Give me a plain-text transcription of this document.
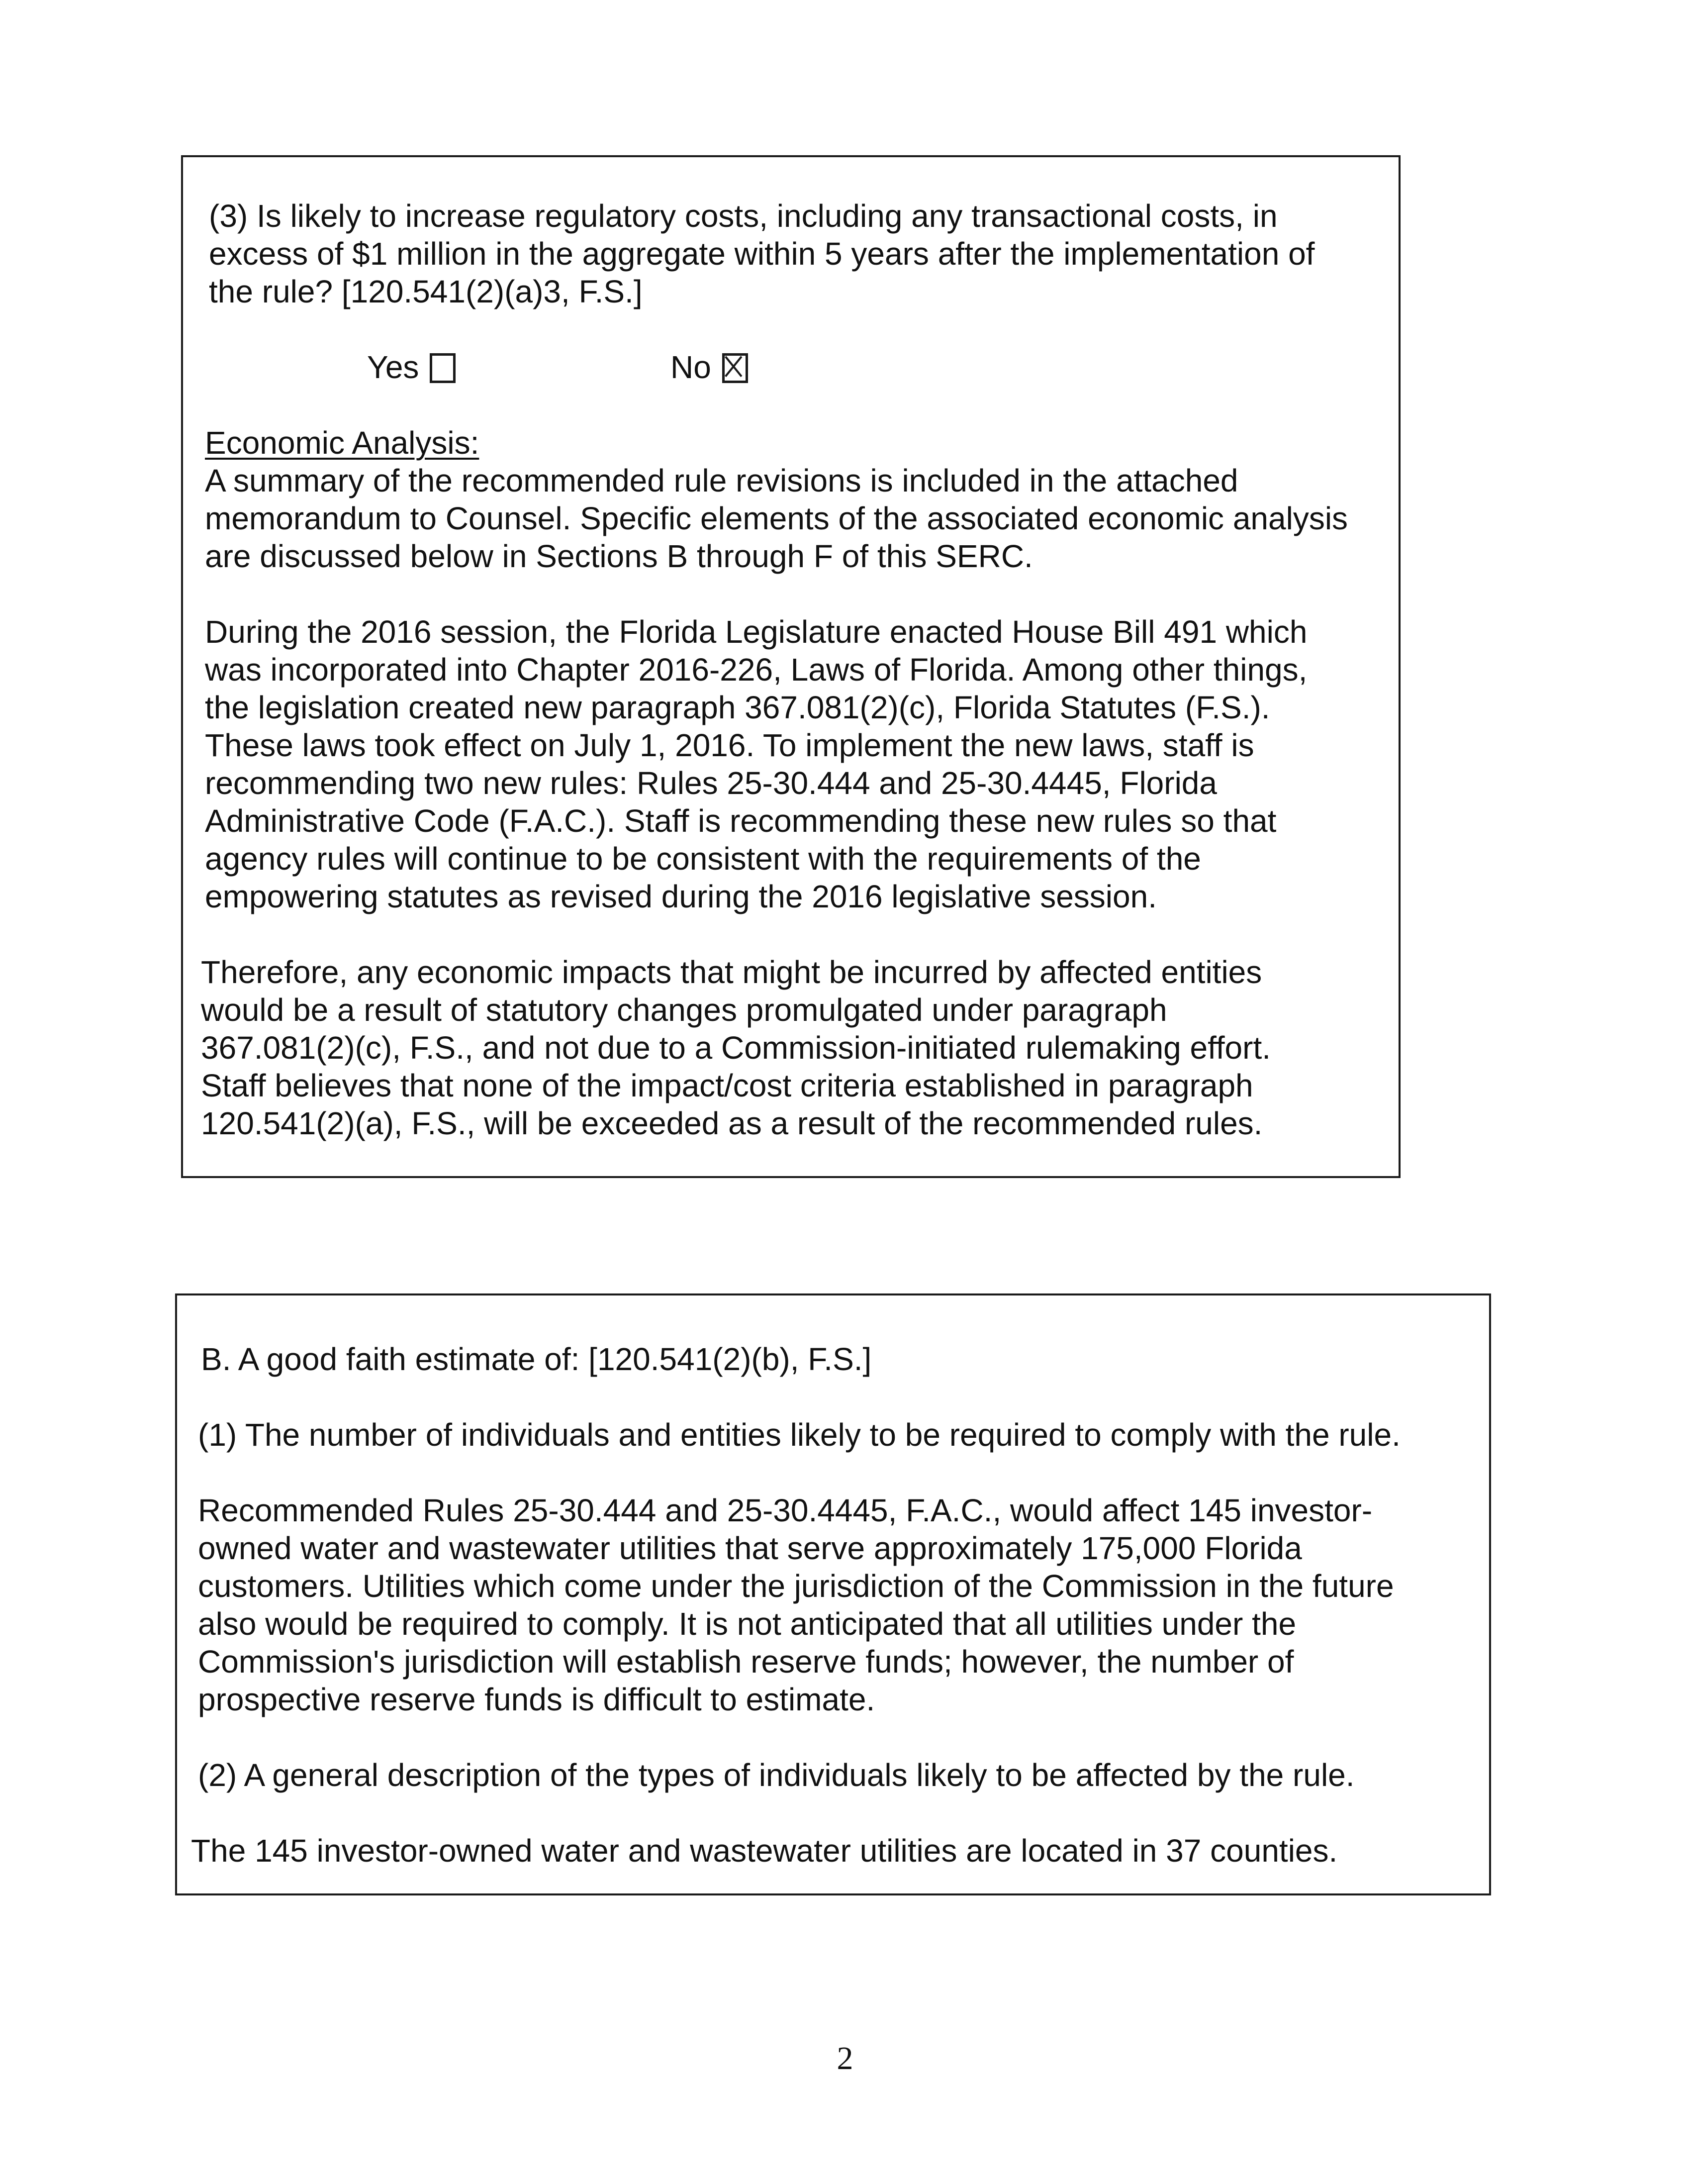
(3) Is likely to increase regulatory costs, including any transactional costs, in

excess of $1 million in the aggregate within 5 years after the implementation of

the rule? [120.541(2)(a)3, F.S.]

Yes	No

Economic Analysis:

A summary of the recommended rule revisions is included in the attached

memorandum to Counsel. Specific elements of the associated economic analysis

are discussed below in Sections B through F of this SERC.

During the 2016 session, the Florida Legislature enacted House Bill 491 which

was incorporated into Chapter 2016-226, Laws of Florida. Among other things,

the legislation created new paragraph 367.081(2)(c), Florida Statutes (F.S.).

These laws took effect on July 1, 2016. To implement the new laws, staff is

recommending two new rules: Rules 25-30.444 and 25-30.4445, Florida

Administrative Code (F.A.C.). Staff is recommending these new rules so that

agency rules will continue to be consistent with the requirements of the

empowering statutes as revised during the 2016 legislative session.

Therefore, any economic impacts that might be incurred by affected entities

would be a result of statutory changes promulgated under paragraph

367.081(2)(c), F.S., and not due to a Commission-initiated rulemaking effort.

Staff believes that none of the impact/cost criteria established in paragraph

120.541(2)(a), F.S., will be exceeded as a result of the recommended rules.

B. A good faith estimate of: [120.541(2)(b), F.S.]

(1) The number of individuals and entities likely to be required to comply with the rule.

Recommended Rules 25-30.444 and 25-30.4445, F.A.C., would affect 145 investor-

owned water and wastewater utilities that serve approximately 175,000 Florida

customers. Utilities which come under the jurisdiction of the Commission in the future

also would be required to comply. It is not anticipated that all utilities under the

Commission's jurisdiction will establish reserve funds; however, the number of

prospective reserve funds is difficult to estimate.

(2) A general description of the types of individuals likely to be affected by the rule.

The 145 investor-owned water and wastewater utilities are located in 37 counties.

2
